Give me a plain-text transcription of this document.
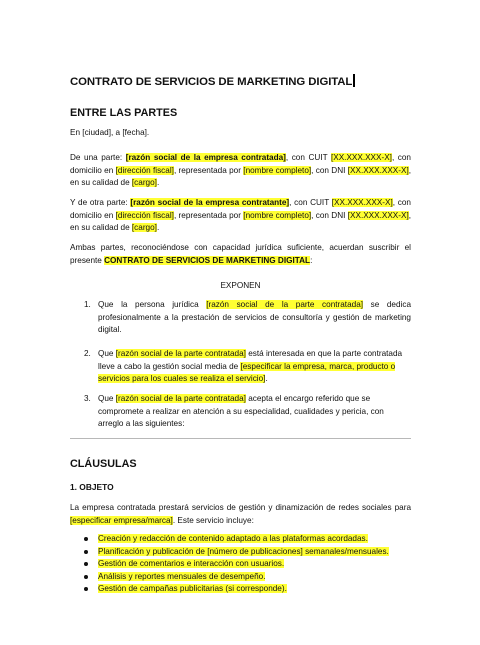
CONTRATO DE SERVICIOS DE MARKETING DIGITAL
ENTRE LAS PARTES

En [ciudad], a [fecha].

De una parte: [razón social de la empresa contratada], con CUIT [XX.XXX.XXX-X], con domicilio en [dirección fiscal], representada por [nombre completo], con DNI [XX.XXX.XXX-X], en su calidad de [cargo].

Y de otra parte: [razón social de la empresa contratante], con CUIT [XX.XXX.XXX-X], con domicilio en [dirección fiscal], representada por [nombre completo], con DNI [XX.XXX.XXX-X], en su calidad de [cargo].

Ambas partes, reconociéndose con capacidad jurídica suficiente, acuerdan suscribir el presente CONTRATO DE SERVICIOS DE MARKETING DIGITAL:

EXPONEN

1. Que la persona jurídica [razón social de la parte contratada] se dedica profesionalmente a la prestación de servicios de consultoría y gestión de marketing digital.

2. Que [razón social de la parte contratada] está interesada en que la parte contratada lleve a cabo la gestión social media de [especificar la empresa, marca, producto o servicios para los cuales se realiza el servicio].

3. Que [razón social de la parte contratada] acepta el encargo referido que se compromete a realizar en atención a su especialidad, cualidades y pericia, con arreglo a las siguientes:

CLÁUSULAS
1. OBJETO

La empresa contratada prestará servicios de gestión y dinamización de redes sociales para [especificar empresa/marca]. Este servicio incluye:

Creación y redacción de contenido adaptado a las plataformas acordadas.
Planificación y publicación de [número de publicaciones] semanales/mensuales.
Gestión de comentarios e interacción con usuarios.
Análisis y reportes mensuales de desempeño.
Gestión de campañas publicitarias (si corresponde).
